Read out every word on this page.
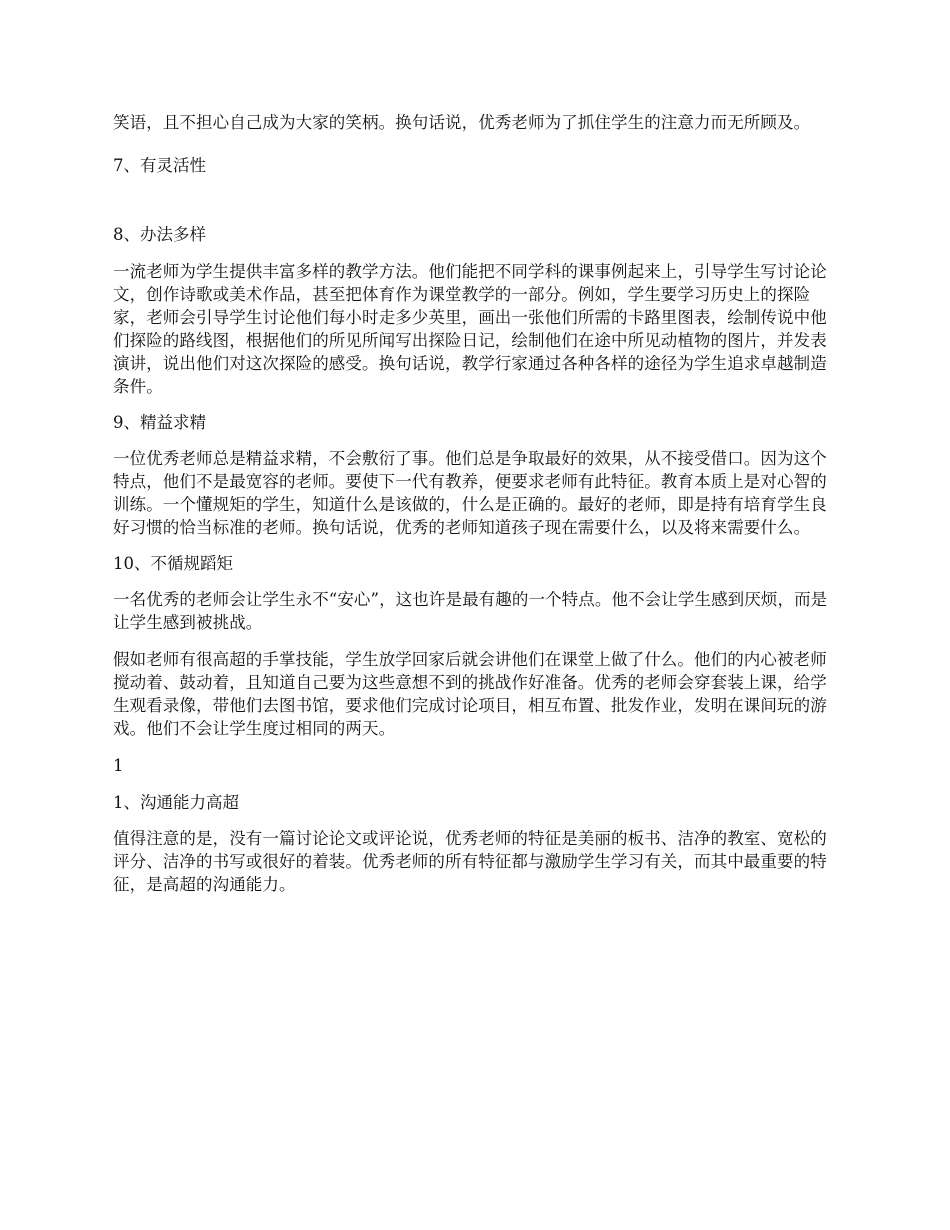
笑语，且不担心自己成为大家的笑柄。换句话说，优秀老师为了抓住学生的注意力而无所顾及。

7、有灵活性

8、办法多样

一流老师为学生提供丰富多样的教学方法。他们能把不同学科的课事例起来上，引导学生写讨论论文，创作诗歌或美术作品，甚至把体育作为课堂教学的一部分。例如，学生要学习历史上的探险家，老师会引导学生讨论他们每小时走多少英里，画出一张他们所需的卡路里图表，绘制传说中他们探险的路线图，根据他们的所见所闻写出探险日记，绘制他们在途中所见动植物的图片，并发表演讲，说出他们对这次探险的感受。换句话说，教学行家通过各种各样的途径为学生追求卓越制造条件。

9、精益求精

一位优秀老师总是精益求精，不会敷衍了事。他们总是争取最好的效果，从不接受借口。因为这个特点，他们不是最宽容的老师。要使下一代有教养，便要求老师有此特征。教育本质上是对心智的训练。一个懂规矩的学生，知道什么是该做的，什么是正确的。最好的老师，即是持有培育学生良好习惯的恰当标准的老师。换句话说，优秀的老师知道孩子现在需要什么，以及将来需要什么。

10、不循规蹈矩

一名优秀的老师会让学生永不“安心”，这也许是最有趣的一个特点。他不会让学生感到厌烦，而是让学生感到被挑战。

假如老师有很高超的手掌技能，学生放学回家后就会讲他们在课堂上做了什么。他们的内心被老师搅动着、鼓动着，且知道自己要为这些意想不到的挑战作好准备。优秀的老师会穿套装上课，给学生观看录像，带他们去图书馆，要求他们完成讨论项目，相互布置、批发作业，发明在课间玩的游戏。他们不会让学生度过相同的两天。

1

1、沟通能力高超

值得注意的是，没有一篇讨论论文或评论说，优秀老师的特征是美丽的板书、洁净的教室、宽松的评分、洁净的书写或很好的着装。优秀老师的所有特征都与激励学生学习有关，而其中最重要的特征，是高超的沟通能力。
